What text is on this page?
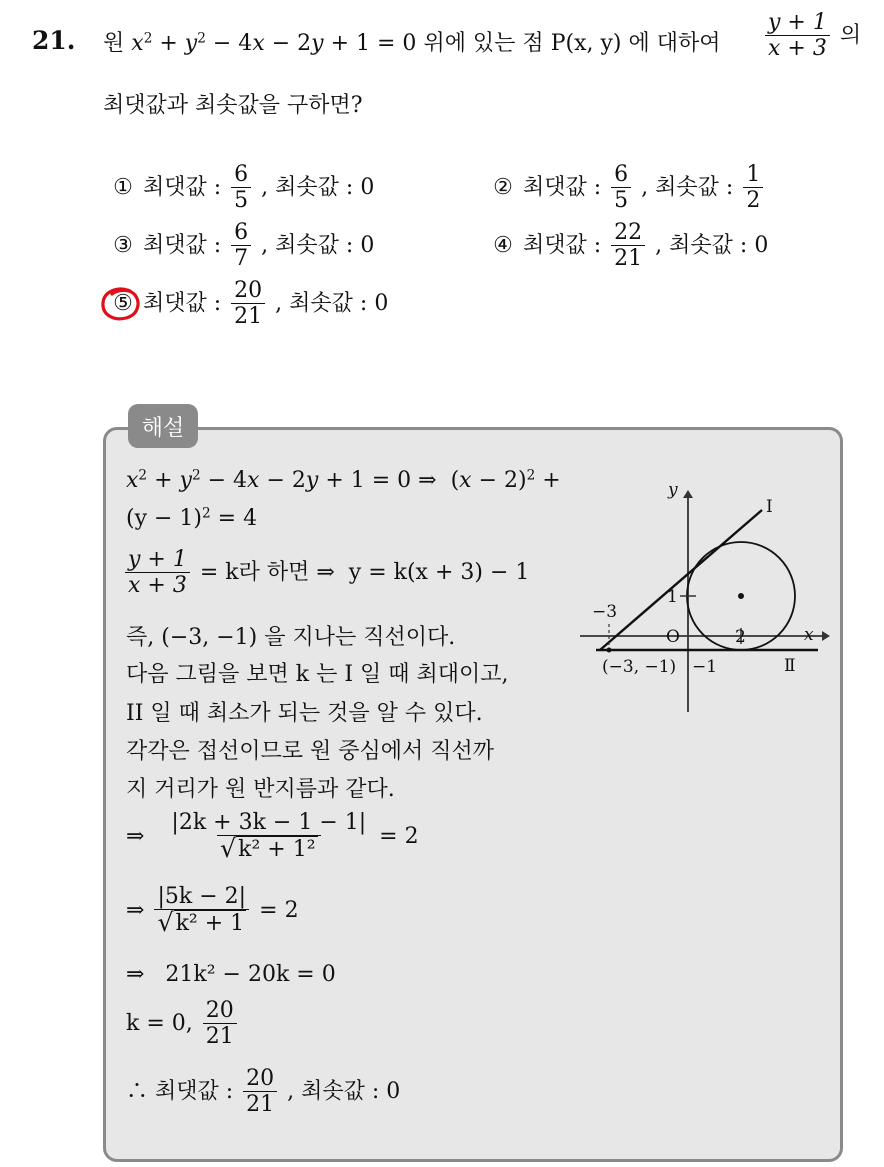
21. 원 $x^2 + y^2 - 4x - 2y + 1 = 0$ 위에 있는 점 P(x, y) 에 대하여 $\frac{y + 1}{x + 3}$ 의
최댓값과 최솟값을 구하면?
① 최댓값 : $\frac{6}{5}$ , 최솟값 : 0	② 최댓값 : $\frac{6}{5}$ , 최솟값 : $\frac{1}{2}$
③ 최댓값 : $\frac{6}{7}$ , 최솟값 : 0	④ 최댓값 : $\frac{22}{21}$ , 최솟값 : 0
⑤ 최댓값 : $\frac{20}{21}$ , 최솟값 : 0
해설
$x^2 + y^2 - 4x - 2y + 1 = 0$ ⇒  $(x - 2)^2$ +
$(y - 1)^2 = 4$
$\frac{y + 1}{x + 3} = k$라 하면 ⇒ y = k(x + 3) − 1
즉, (−3, −1) 을 지나는 직선이다.
다음 그림을 보면 k 는 I 일 때 최대이고,
II 일 때 최소가 되는 것을 알 수 있다.
각각은 접선이므로 원 중심에서 직선까
지 거리가 원 반지름과 같다.
⇒ $\frac{|2k + 3k - 1 - 1|}{\text{√ k² + 1²}} = 2$
⇒ $\frac{|5k - 2|}{\text{√ k² + 1}} = 2$
⇒ 21k² − 20k = 0
k = 0, $\frac{20}{21}$
∴ 최댓값 : $\frac{20}{21}$ , 최솟값 : 0
x
y
O
I
Ⅱ
−3
1
2
−1
(−3, −1)
